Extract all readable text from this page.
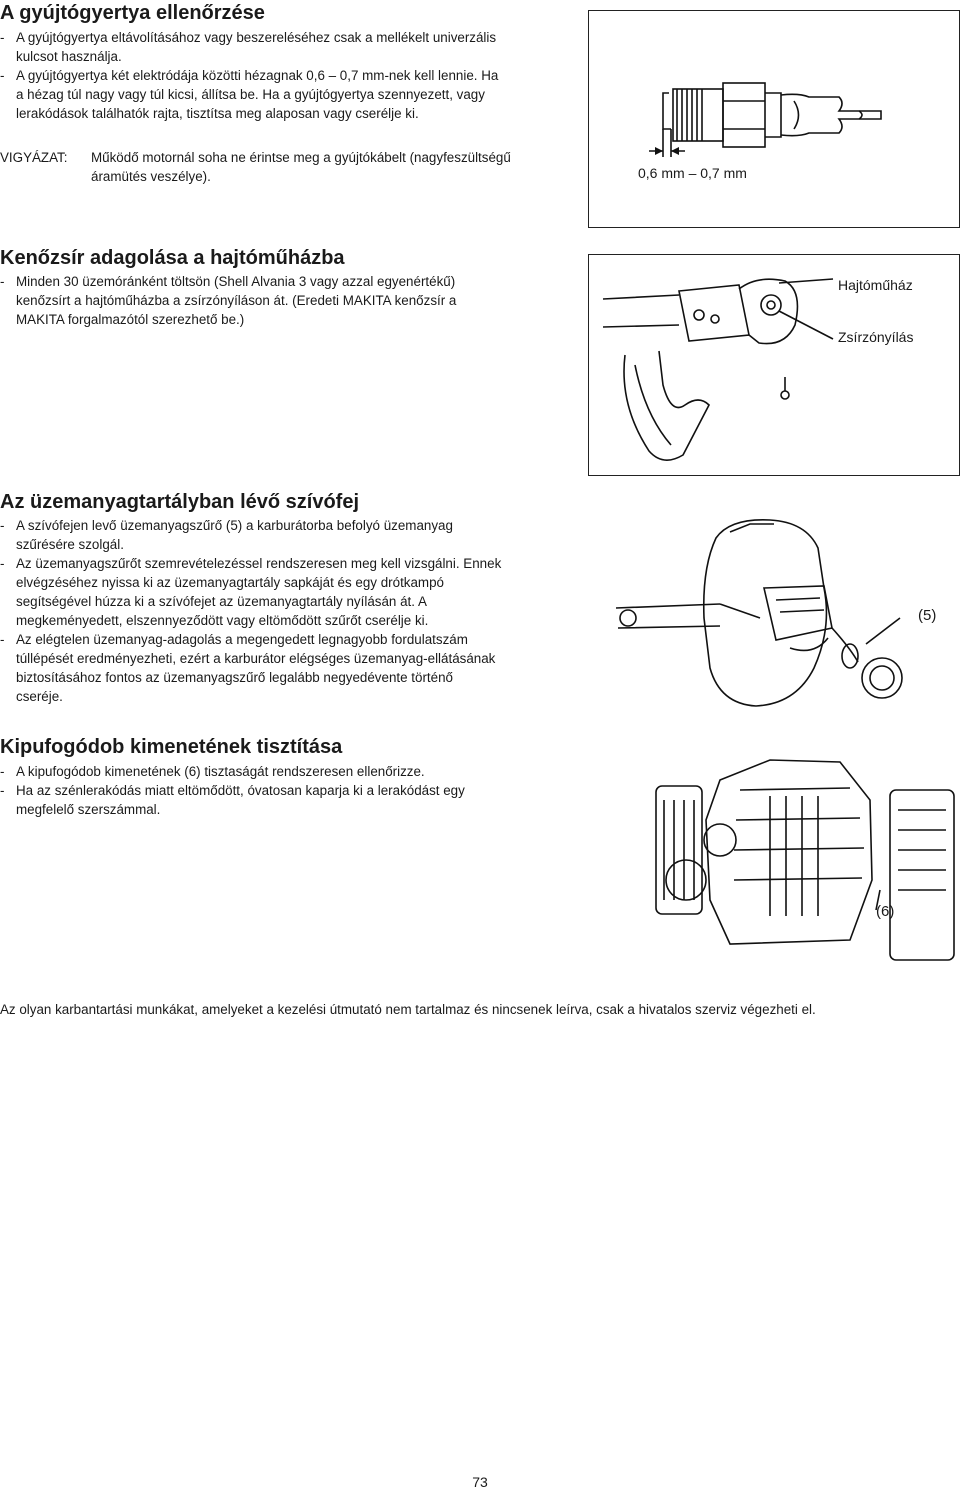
A gyújtógyertya ellenőrzése
- A gyújtógyertya eltávolításához vagy beszereléséhez csak a mellékelt univerzális
kulcsot használja.
- A gyújtógyertya két elektródája közötti hézagnak 0,6 – 0,7 mm-nek kell lennie. Ha
a hézag túl nagy vagy túl kicsi, állítsa be. Ha a gyújtógyertya szennyezett, vagy
lerakódások találhatók rajta, tisztítsa meg alaposan vagy cserélje ki.
VIGYÁZAT: Működő motornál soha ne érintse meg a gyújtókábelt (nagyfeszültségű
áramütés veszélye).	0,6 mm – 0,7 mm
Kenőzsír adagolása a hajtóműházba
- Minden 30 üzemóránként töltsön (Shell Alvania 3 vagy azzal egyenértékű)
kenőzsírt a hajtóműházba a zsírzónyíláson át. (Eredeti MAKITA kenőzsír a
MAKITA forgalmazótól szerezhető be.)
Hajtóműház
Zsírzónyílás
Az üzemanyagtartályban lévő szívófej
- A szívófejen levő üzemanyagszűrő (5) a karburátorba befolyó üzemanyag
szűrésére szolgál.
- Az üzemanyagszűrőt szemrevételezéssel rendszeresen meg kell vizsgálni. Ennek
elvégzéséhez nyissa ki az üzemanyagtartály sapkáját és egy drótkampó
segítségével húzza ki a szívófejet az üzemanyagtartály nyílásán át. A
megkeményedett, elszennyeződött vagy eltömődött szűrőt cserélje ki.
- Az elégtelen üzemanyag-adagolás a megengedett legnagyobb fordulatszám
túllépését eredményezheti, ezért a karburátor elégséges üzemanyag-ellátásának
biztosításához fontos az üzemanyagszűrő legalább negyedévente történő
cseréje.
(5)
Kipufogódob kimenetének tisztítása
- A kipufogódob kimenetének (6) tisztaságát rendszeresen ellenőrizze.
- Ha az szénlerakódás miatt eltömődött, óvatosan kaparja ki a lerakódást egy
megfelelő szerszámmal.
(6)
Az olyan karbantartási munkákat, amelyeket a kezelési útmutató nem tartalmaz és nincsenek leírva, csak a hivatalos szerviz végezheti el.
73
